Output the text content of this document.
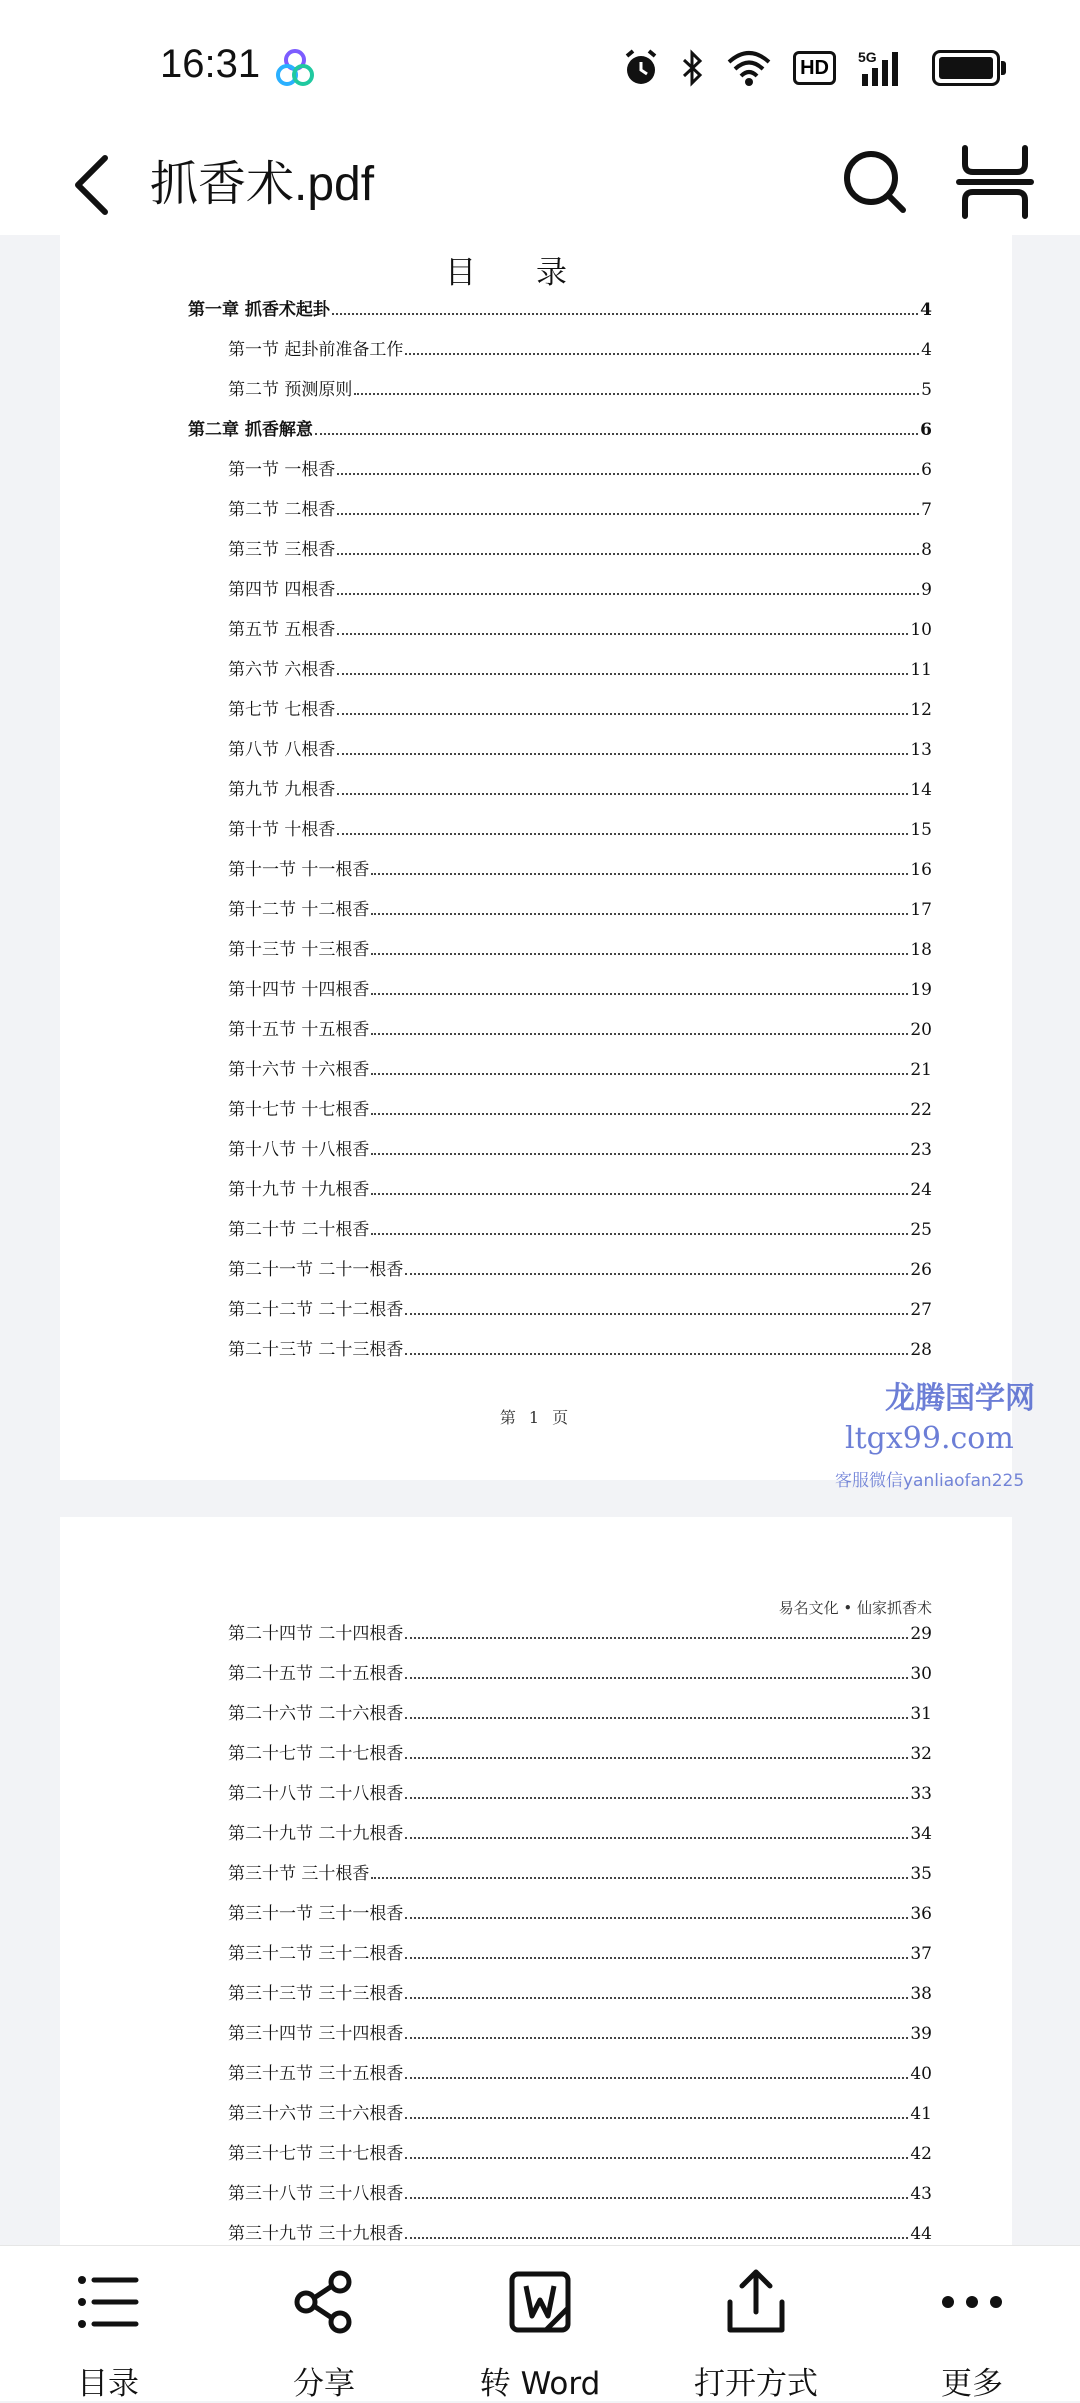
16:31	HD	5G
抓香术.pdf
目录
第一章 抓香术起卦	4
第一节 起卦前准备工作	4
第二节 预测原则	5
第二章 抓香解意	6
第一节 一根香	6
第二节 二根香	7
第三节 三根香	8
第四节 四根香	9
第五节 五根香	10
第六节 六根香	11
第七节 七根香	12
第八节 八根香	13
第九节 九根香	14
第十节 十根香	15
第十一节 十一根香	16
第十二节 十二根香	17
第十三节 十三根香	18
第十四节 十四根香	19
第十五节 十五根香	20
第十六节 十六根香	21
第十七节 十七根香	22
第十八节 十八根香	23
第十九节 十九根香	24
第二十节 二十根香	25
第二十一节 二十一根香	26
第二十二节 二十二根香	27
第二十三节 二十三根香	28
第 1 页
易名文化 • 仙家抓香术
第二十四节 二十四根香	29
第二十五节 二十五根香	30
第二十六节 二十六根香	31
第二十七节 二十七根香	32
第二十八节 二十八根香	33
第二十九节 二十九根香	34
第三十节 三十根香	35
第三十一节 三十一根香	36
第三十二节 三十二根香	37
第三十三节 三十三根香	38
第三十四节 三十四根香	39
第三十五节 三十五根香	40
第三十六节 三十六根香	41
第三十七节 三十七根香	42
第三十八节 三十八根香	43
第三十九节 三十九根香	44
龙腾国学网
ltgx99.com
客服微信yanliaofan225
目录	分享	转 Word	打开方式	更多
